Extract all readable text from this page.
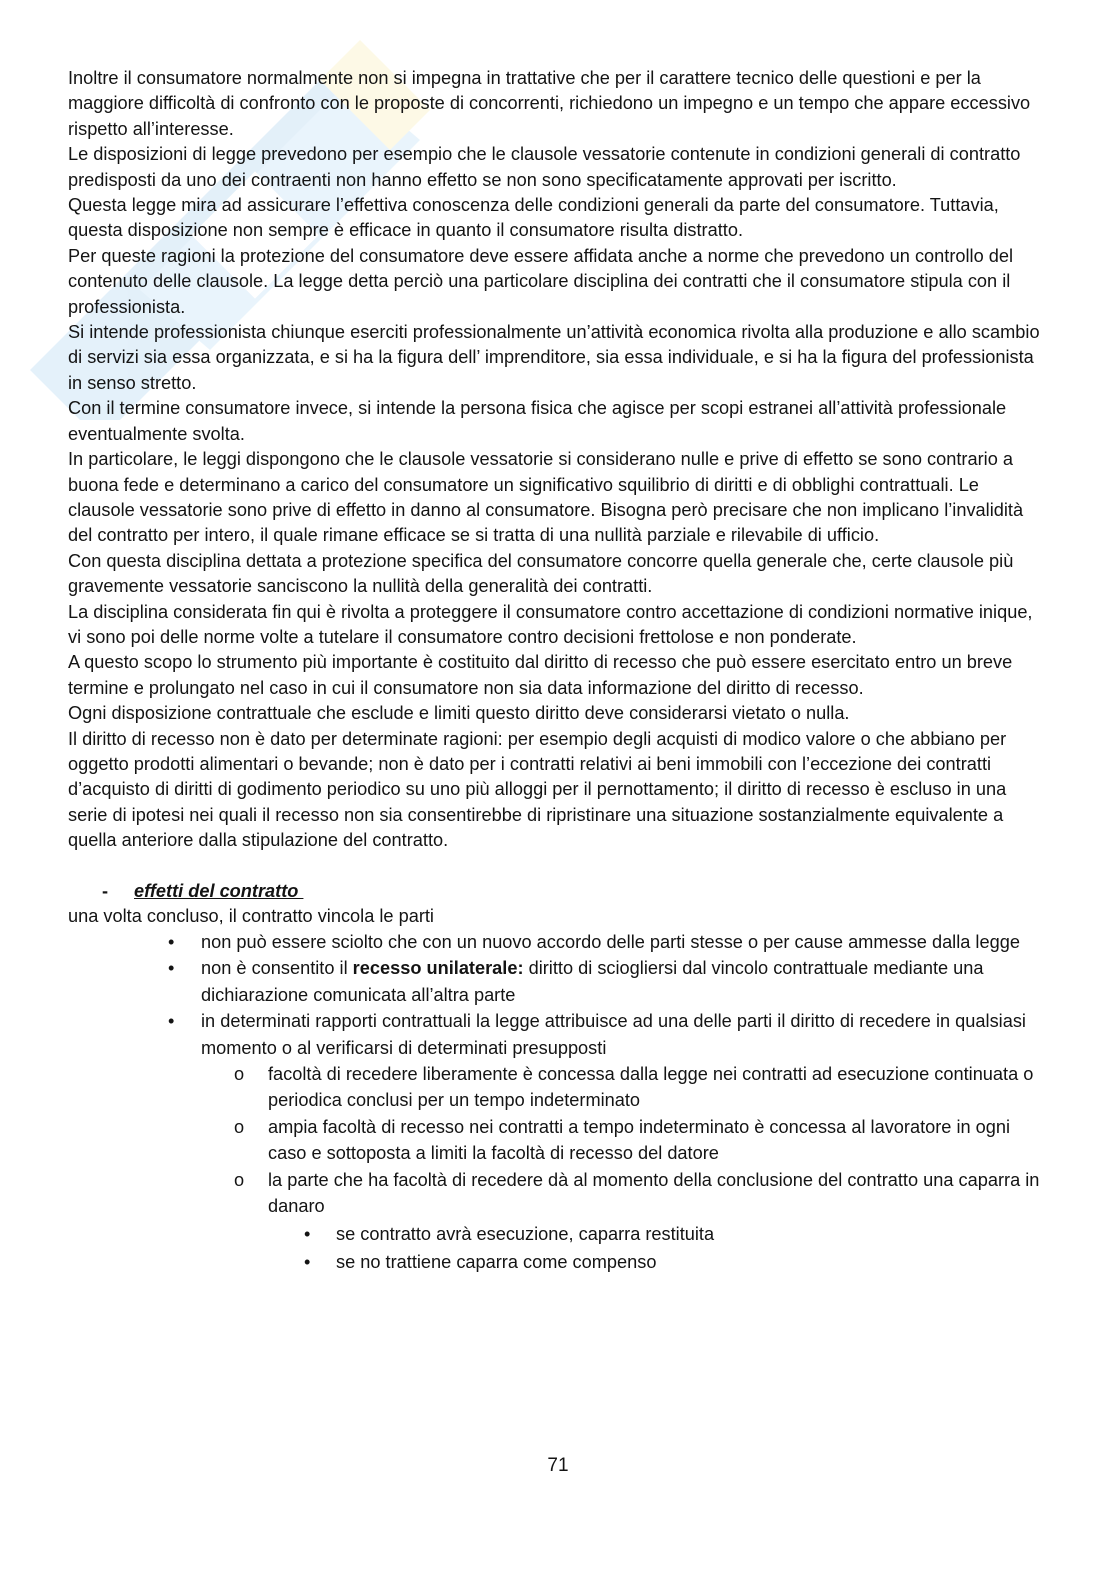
Inoltre il consumatore normalmente non si impegna in trattative che per il carattere tecnico delle questioni e per la maggiore difficoltà di confronto con le proposte di concorrenti, richiedono un impegno e un tempo che appare eccessivo rispetto all’interesse.

Le disposizioni di legge prevedono per esempio che le clausole vessatorie contenute in condizioni generali di contratto predisposti da uno dei contraenti non hanno effetto se non sono specificatamente approvati per iscritto.

Questa legge mira ad assicurare l’effettiva conoscenza delle condizioni generali da parte del consumatore. Tuttavia, questa disposizione non sempre è efficace in quanto il consumatore risulta distratto.

Per queste ragioni la protezione del consumatore deve essere affidata anche a norme che prevedono un controllo del contenuto delle clausole. La legge detta perciò una particolare disciplina dei contratti che il consumatore stipula con il professionista.

Si intende professionista chiunque eserciti professionalmente un’attività economica rivolta alla produzione e allo scambio di servizi sia essa organizzata, e si ha la figura dell’ imprenditore, sia essa individuale, e si ha la figura del professionista in senso stretto.

Con il termine consumatore invece, si intende la persona fisica che agisce per scopi estranei all’attività professionale eventualmente svolta.

In particolare, le leggi dispongono che le clausole vessatorie si considerano nulle e prive di effetto se sono contrario a buona fede e determinano a carico del consumatore un significativo squilibrio di diritti e di obblighi contrattuali. Le clausole vessatorie sono prive di effetto in danno al consumatore. Bisogna però precisare che non implicano l’invalidità del contratto per intero, il quale rimane efficace se si tratta di una nullità parziale e rilevabile di ufficio.

Con questa disciplina dettata a protezione specifica del consumatore concorre quella generale che, certe clausole più gravemente vessatorie sanciscono la nullità della generalità dei contratti.

La disciplina considerata fin qui è rivolta a proteggere il consumatore contro accettazione di condizioni normative inique, vi sono poi delle norme volte a tutelare il consumatore contro decisioni frettolose e non ponderate.

A questo scopo lo strumento più importante è costituito dal diritto di recesso che può essere esercitato entro un breve termine e prolungato nel caso in cui il consumatore non sia data informazione del diritto di recesso.

Ogni disposizione contrattuale che esclude e limiti questo diritto deve considerarsi vietato o nulla.

Il diritto di recesso non è dato per determinate ragioni: per esempio degli acquisti di modico valore o che abbiano per oggetto prodotti alimentari o bevande; non è dato per i contratti relativi ai beni immobili con l’eccezione dei contratti d’acquisto di diritti di godimento periodico su uno più alloggi per il pernottamento; il diritto di recesso è escluso in una serie di ipotesi nei quali il recesso non sia consentirebbe di ripristinare una situazione sostanzialmente equivalente a quella anteriore dalla stipulazione del contratto.

- effetti del contratto

una volta concluso, il contratto vincola le parti

• non può essere sciolto che con un nuovo accordo delle parti stesse o per cause ammesse dalla legge
• non è consentito il recesso unilaterale: diritto di sciogliersi dal vincolo contrattuale mediante una dichiarazione comunicata all’altra parte
• in determinati rapporti contrattuali la legge attribuisce ad una delle parti il diritto di recedere in qualsiasi momento o al verificarsi di determinati presupposti
o facoltà di recedere liberamente è concessa dalla legge nei contratti ad esecuzione continuata o periodica conclusi per un tempo indeterminato
o ampia facoltà di recesso nei contratti a tempo indeterminato è concessa al lavoratore in ogni caso e sottoposta a limiti la facoltà di recesso del datore
o la parte che ha facoltà di recedere dà al momento della conclusione del contratto una caparra in danaro
• se contratto avrà esecuzione, caparra restituita
• se no trattiene caparra come compenso
71
